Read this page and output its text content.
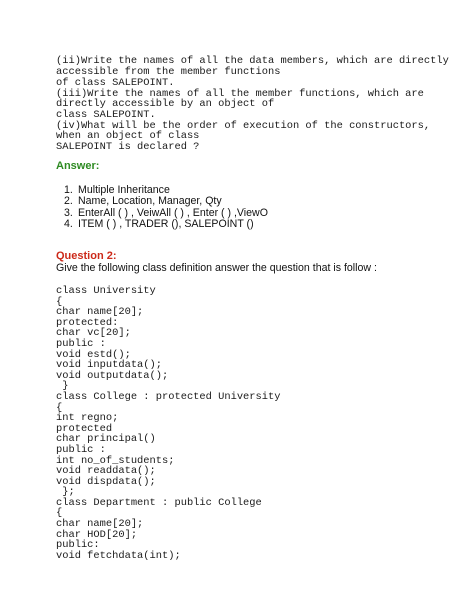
(ii)Write the names of all the data members, which are directly
accessible from the member functions
of class SALEPOINT.
(iii)Write the names of all the member functions, which are
directly accessible by an object of
class SALEPOINT.
(iv)What will be the order of execution of the constructors,
when an object of class
SALEPOINT is declared ?
Answer:
1. Multiple Inheritance
2. Name, Location, Manager, Qty
3. EnterAll ( ) , VeiwAll ( ) , Enter ( ) ,ViewO
4. ITEM ( ) , TRADER (), SALEPOINT ()
Question 2:
Give the following class definition answer the question that is follow :
class University
{
char name[20];
protected:
char vc[20];
public :
void estd();
void inputdata();
void outputdata();
}
class College : protected University
{
int regno;
protected
char principal()
public :
int no_of_students;
void readdata();
void dispdata();
};
class Department : public College
{
char name[20];
char HOD[20];
public:
void fetchdata(int);
